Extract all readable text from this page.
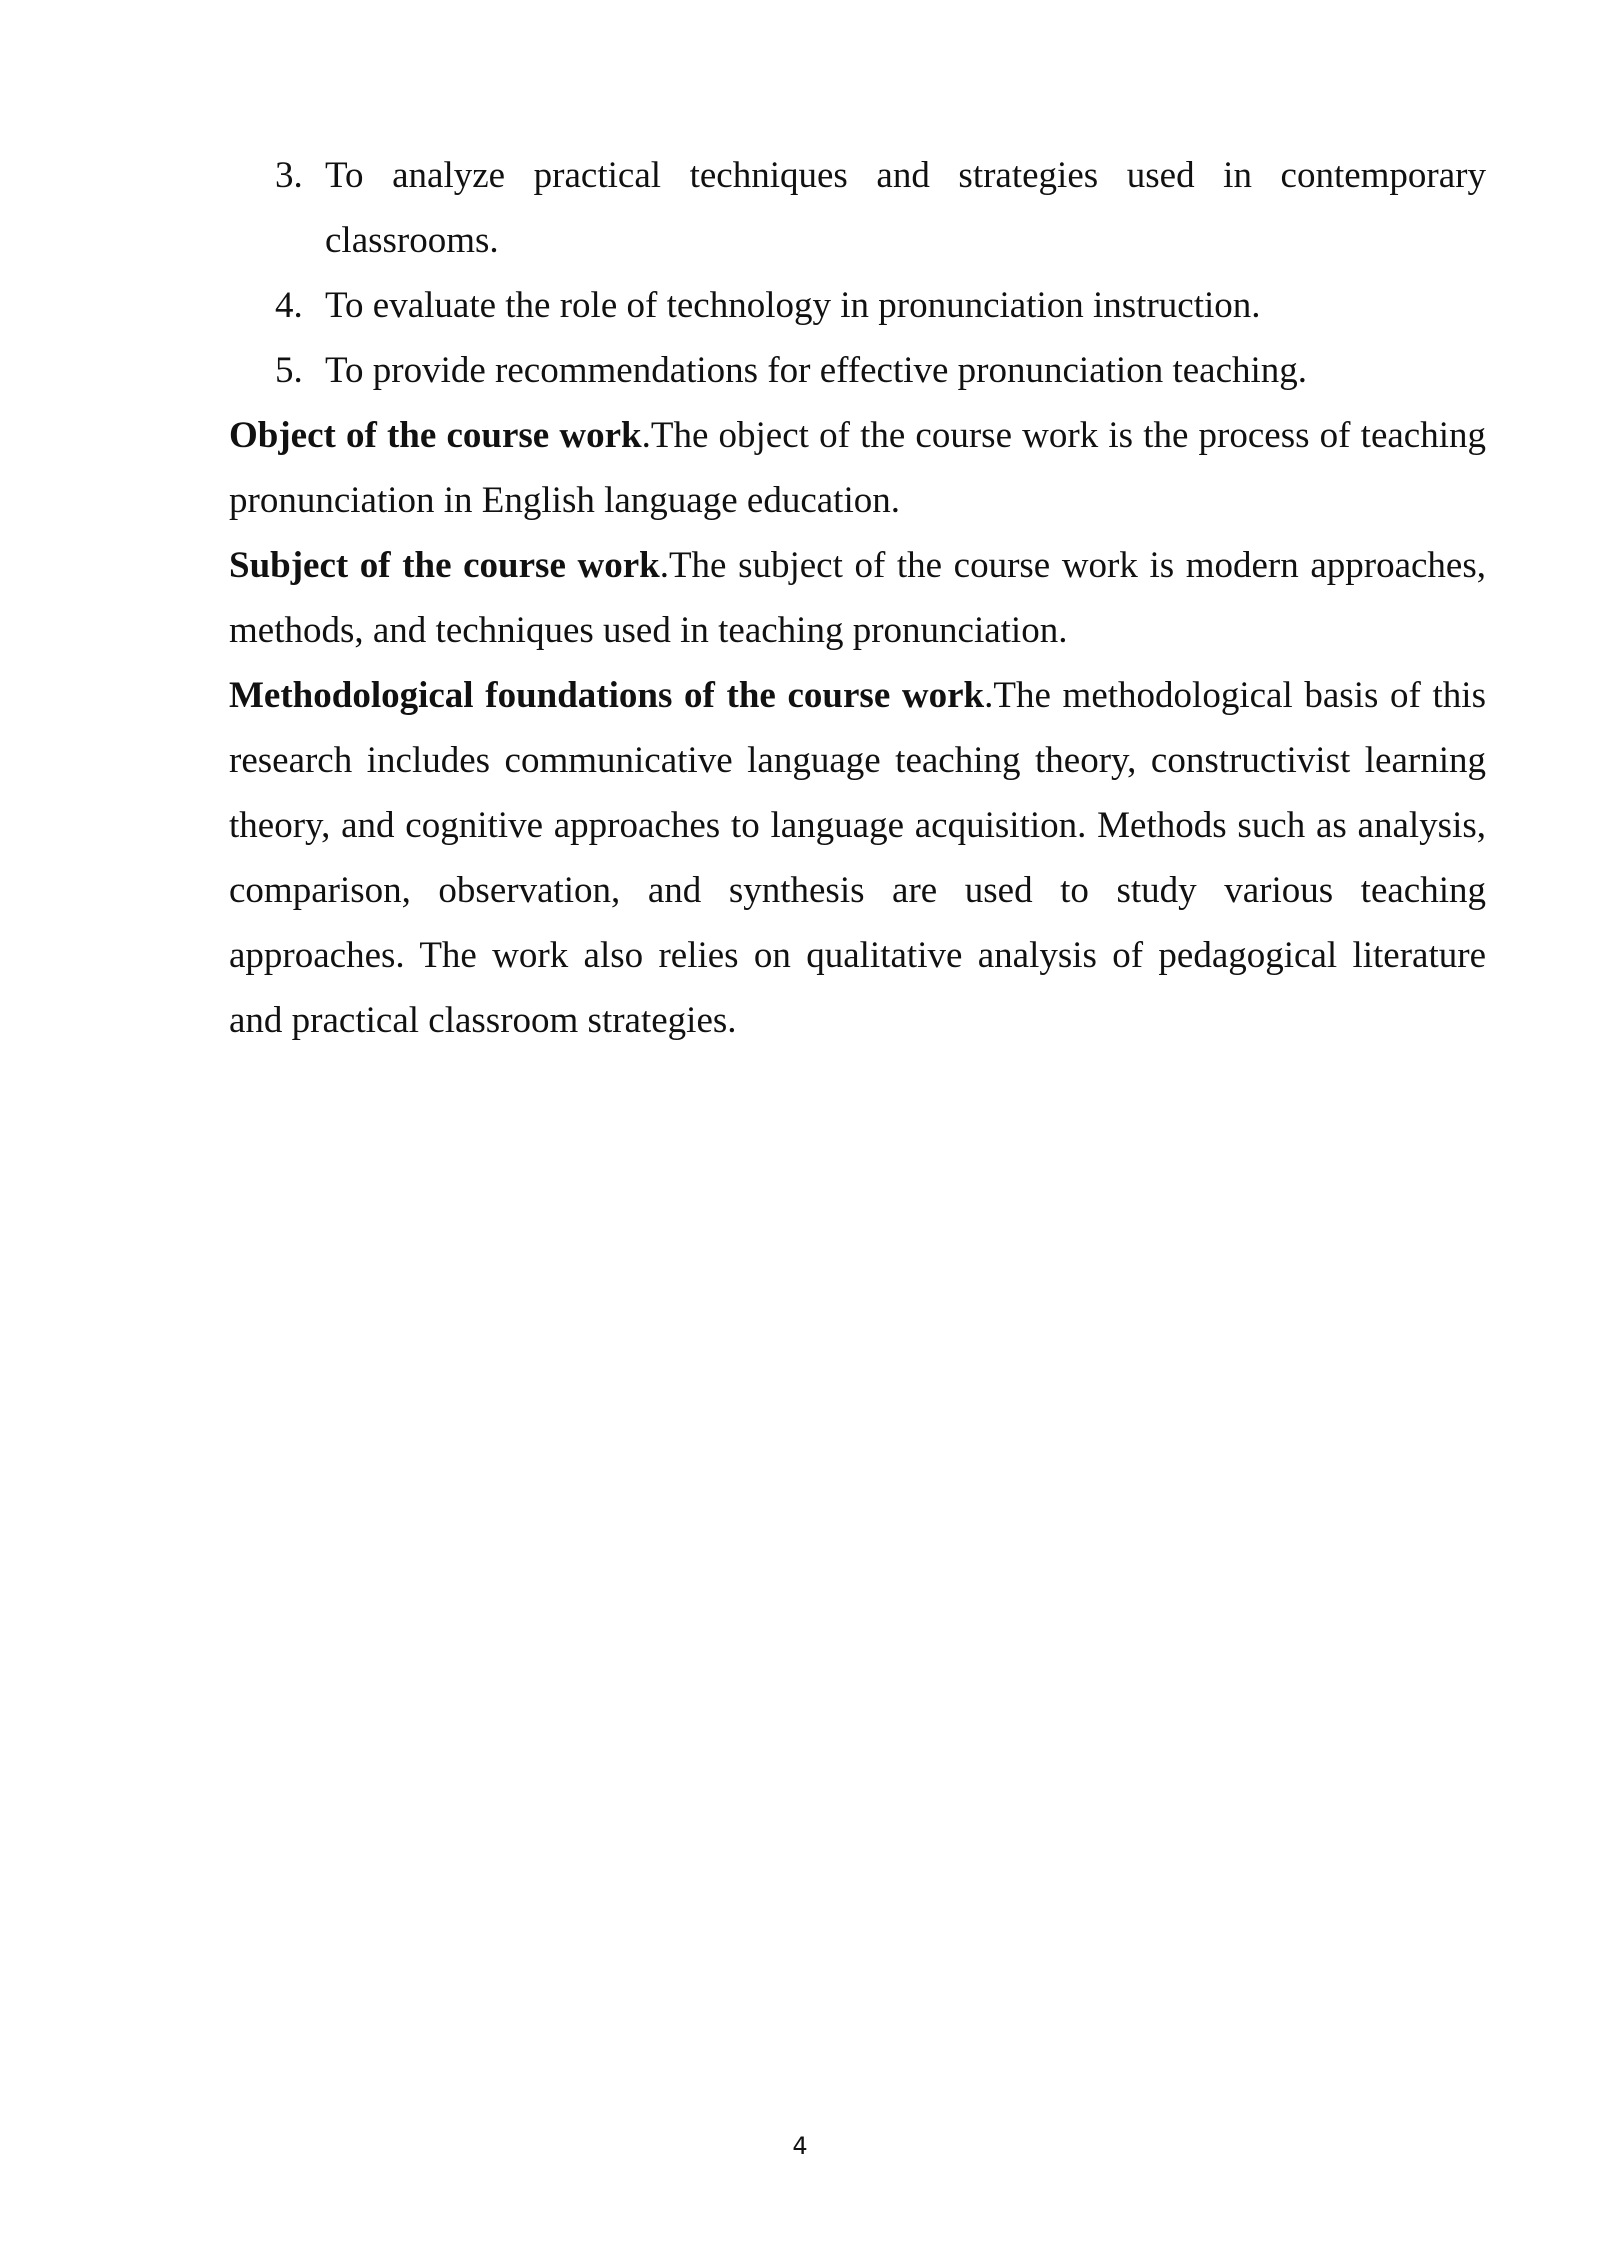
3. To analyze practical techniques and strategies used in contemporary classrooms.
4. To evaluate the role of technology in pronunciation instruction.
5. To provide recommendations for effective pronunciation teaching.

Object of the course work.The object of the course work is the process of teaching pronunciation in English language education.

Subject of the course work.The subject of the course work is modern approaches, methods, and techniques used in teaching pronunciation.

Methodological foundations of the course work.The methodological basis of this research includes communicative language teaching theory, constructivist learning theory, and cognitive approaches to language acquisition. Methods such as analysis, comparison, observation, and synthesis are used to study various teaching approaches. The work also relies on qualitative analysis of pedagogical literature and practical classroom strategies.

4
